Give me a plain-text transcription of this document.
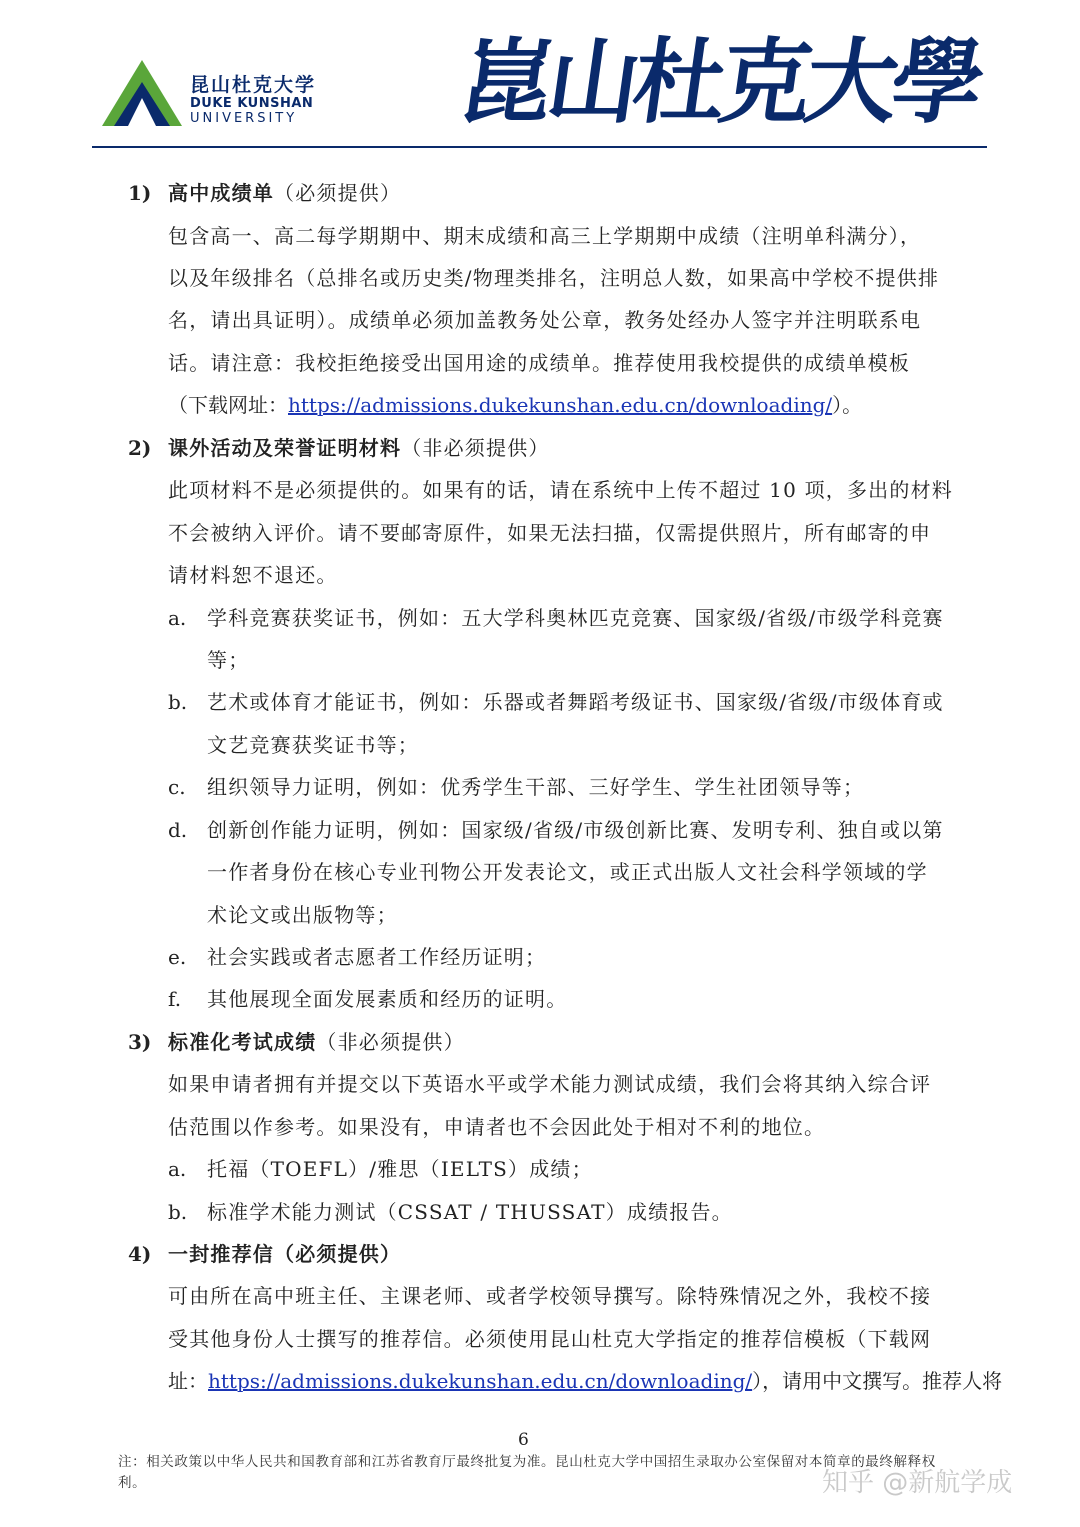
昆山杜克大学
DUKE KUNSHAN
UNIVERSITY 崑山杜克大學
1) 高中成绩单（必须提供）
包含高一、高二每学期期中、期末成绩和高三上学期期中成绩（注明单科满分），
以及年级排名（总排名或历史类/物理类排名，注明总人数，如果高中学校不提供排
名，请出具证明）。成绩单必须加盖教务处公章，教务处经办人签字并注明联系电
话。请注意：我校拒绝接受出国用途的成绩单。推荐使用我校提供的成绩单模板
（下载网址：https://admissions.dukekunshan.edu.cn/downloading/）。
2) 课外活动及荣誉证明材料（非必须提供）
此项材料不是必须提供的。如果有的话，请在系统中上传不超过 10 项，多出的材料
不会被纳入评价。请不要邮寄原件，如果无法扫描，仅需提供照片，所有邮寄的申
请材料恕不退还。
a. 学科竞赛获奖证书，例如：五大学科奥林匹克竞赛、国家级/省级/市级学科竞赛
等；
b. 艺术或体育才能证书，例如：乐器或者舞蹈考级证书、国家级/省级/市级体育或
文艺竞赛获奖证书等；
c. 组织领导力证明，例如：优秀学生干部、三好学生、学生社团领导等；
d. 创新创作能力证明，例如：国家级/省级/市级创新比赛、发明专利、独自或以第
一作者身份在核心专业刊物公开发表论文，或正式出版人文社会科学领域的学
术论文或出版物等；
e. 社会实践或者志愿者工作经历证明；
f. 其他展现全面发展素质和经历的证明。
3) 标准化考试成绩（非必须提供）
如果申请者拥有并提交以下英语水平或学术能力测试成绩，我们会将其纳入综合评
估范围以作参考。如果没有，申请者也不会因此处于相对不利的地位。
a. 托福（TOEFL）/雅思（IELTS）成绩；
b. 标准学术能力测试（CSSAT / THUSSAT）成绩报告。
4) 一封推荐信（必须提供）
可由所在高中班主任、主课老师、或者学校领导撰写。除特殊情况之外，我校不接
受其他身份人士撰写的推荐信。必须使用昆山杜克大学指定的推荐信模板（下载网
址：https://admissions.dukekunshan.edu.cn/downloading/），请用中文撰写。推荐人将
6
注：相关政策以中华人民共和国教育部和江苏省教育厅最终批复为准。昆山杜克大学中国招生录取办公室保留对本简章的最终解释权利。	知乎 @新航学成
